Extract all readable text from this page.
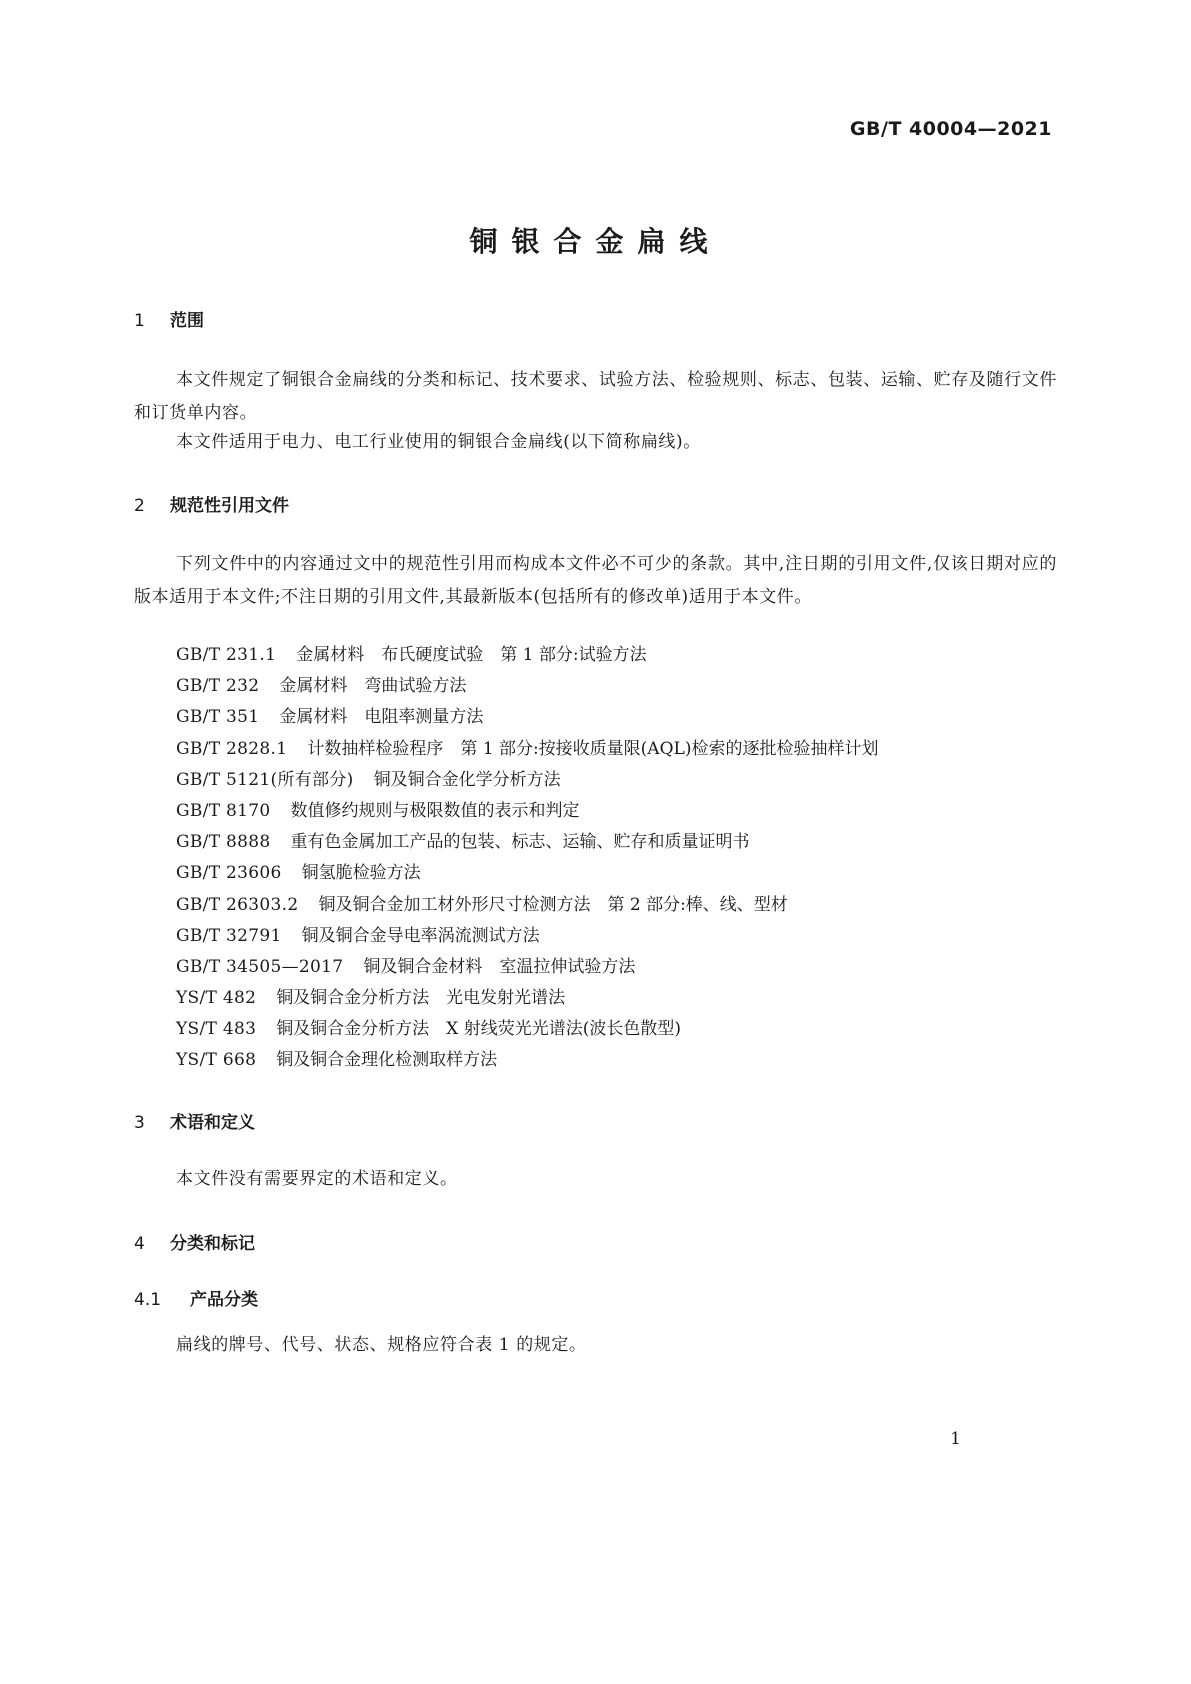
GB/T 40004—2021
铜银合金扁线
1 范围
本文件规定了铜银合金扁线的分类和标记、技术要求、试验方法、检验规则、标志、包装、运输、贮存及随行文件和订货单内容。
本文件适用于电力、电工行业使用的铜银合金扁线(以下简称扁线)。
2 规范性引用文件
下列文件中的内容通过文中的规范性引用而构成本文件必不可少的条款。其中,注日期的引用文件,仅该日期对应的版本适用于本文件;不注日期的引用文件,其最新版本(包括所有的修改单)适用于本文件。
GB/T 231.1 金属材料　布氏硬度试验　第 1 部分:试验方法
GB/T 232 金属材料　弯曲试验方法
GB/T 351 金属材料　电阻率测量方法
GB/T 2828.1 计数抽样检验程序　第 1 部分:按接收质量限(AQL)检索的逐批检验抽样计划
GB/T 5121(所有部分) 铜及铜合金化学分析方法
GB/T 8170 数值修约规则与极限数值的表示和判定
GB/T 8888 重有色金属加工产品的包装、标志、运输、贮存和质量证明书
GB/T 23606 铜氢脆检验方法
GB/T 26303.2 铜及铜合金加工材外形尺寸检测方法　第 2 部分:棒、线、型材
GB/T 32791 铜及铜合金导电率涡流测试方法
GB/T 34505—2017 铜及铜合金材料　室温拉伸试验方法
YS/T 482 铜及铜合金分析方法　光电发射光谱法
YS/T 483 铜及铜合金分析方法　X 射线荧光光谱法(波长色散型)
YS/T 668 铜及铜合金理化检测取样方法
3 术语和定义
本文件没有需要界定的术语和定义。
4 分类和标记
4.1 产品分类
扁线的牌号、代号、状态、规格应符合表 1 的规定。
1
